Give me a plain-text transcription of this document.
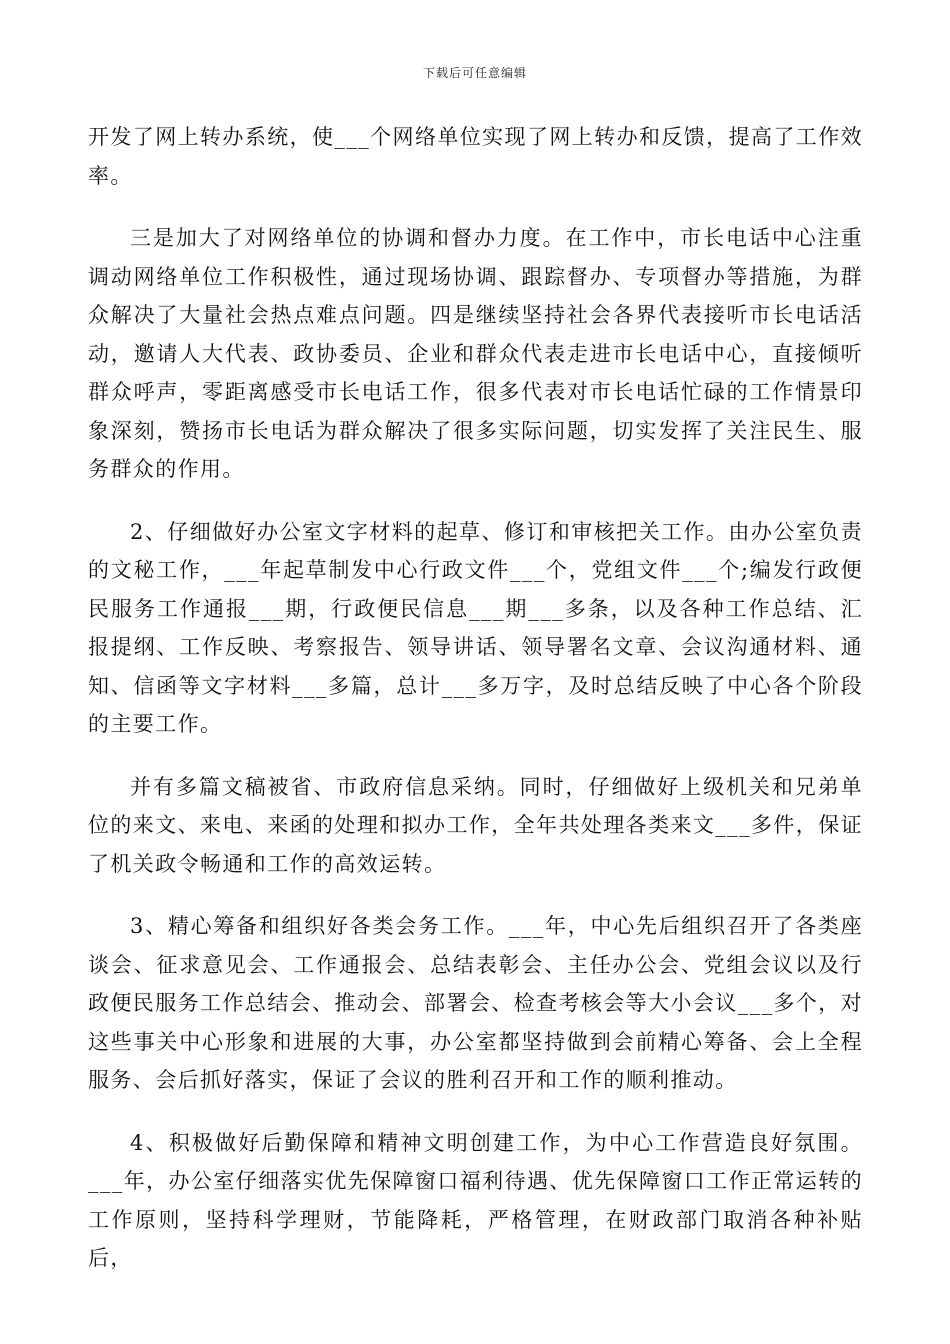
下载后可任意编辑

开发了网上转办系统，使___个网络单位实现了网上转办和反馈，提高了工作效率。

三是加大了对网络单位的协调和督办力度。在工作中，市长电话中心注重调动网络单位工作积极性，通过现场协调、跟踪督办、专项督办等措施，为群众解决了大量社会热点难点问题。四是继续坚持社会各界代表接听市长电话活动，邀请人大代表、政协委员、企业和群众代表走进市长电话中心，直接倾听群众呼声，零距离感受市长电话工作，很多代表对市长电话忙碌的工作情景印象深刻，赞扬市长电话为群众解决了很多实际问题，切实发挥了关注民生、服务群众的作用。

2、仔细做好办公室文字材料的起草、修订和审核把关工作。由办公室负责的文秘工作，___年起草制发中心行政文件___个，党组文件___个;编发行政便民服务工作通报___期，行政便民信息___期___多条，以及各种工作总结、汇报提纲、工作反映、考察报告、领导讲话、领导署名文章、会议沟通材料、通知、信函等文字材料___多篇，总计___多万字，及时总结反映了中心各个阶段的主要工作。

并有多篇文稿被省、市政府信息采纳。同时，仔细做好上级机关和兄弟单位的来文、来电、来函的处理和拟办工作，全年共处理各类来文___多件，保证了机关政令畅通和工作的高效运转。

3、精心筹备和组织好各类会务工作。___年，中心先后组织召开了各类座谈会、征求意见会、工作通报会、总结表彰会、主任办公会、党组会议以及行政便民服务工作总结会、推动会、部署会、检查考核会等大小会议___多个，对这些事关中心形象和进展的大事，办公室都坚持做到会前精心筹备、会上全程服务、会后抓好落实，保证了会议的胜利召开和工作的顺利推动。

4、积极做好后勤保障和精神文明创建工作，为中心工作营造良好氛围。___年，办公室仔细落实优先保障窗口福利待遇、优先保障窗口工作正常运转的工作原则，坚持科学理财，节能降耗，严格管理，在财政部门取消各种补贴后，
